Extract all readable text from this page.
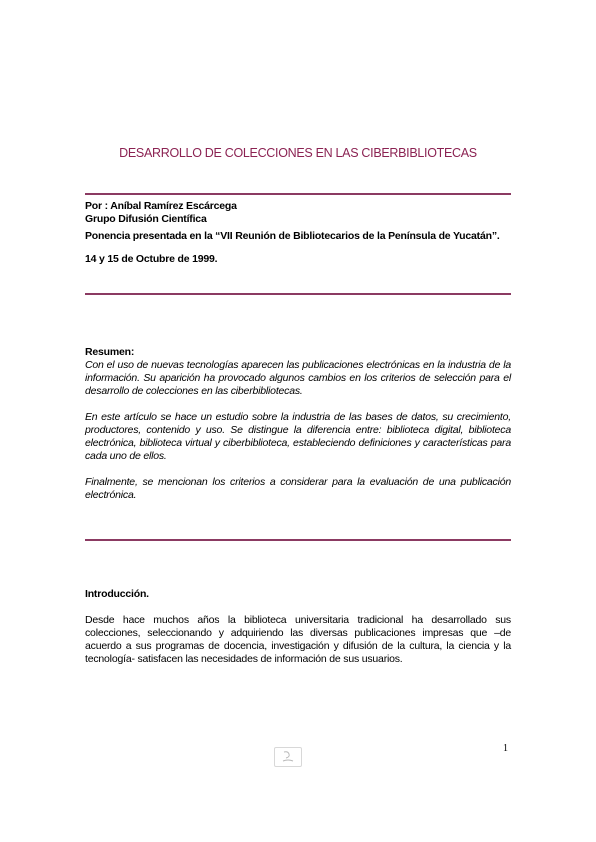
DESARROLLO DE COLECCIONES EN LAS CIBERBIBLIOTECAS

Por : Aníbal Ramírez Escárcega

Grupo Difusión Científica

Ponencia presentada en la “VII Reunión de Bibliotecarios de la Península de Yucatán”.

14 y 15 de Octubre de 1999.

Resumen:

Con el uso de nuevas tecnologías aparecen las publicaciones electrónicas en la industria de la información. Su aparición ha provocado algunos cambios en los criterios de selección para el desarrollo de colecciones en las ciberbibliotecas.

En este artículo se hace un estudio sobre la industria de las bases de datos, su crecimiento, productores, contenido y uso. Se distingue la diferencia entre: biblioteca digital, biblioteca electrónica, biblioteca virtual y ciberbiblioteca, estableciendo definiciones y características para cada uno de ellos.

Finalmente, se mencionan los criterios a considerar para la evaluación de una publicación electrónica.

Introducción.

Desde hace muchos años la biblioteca universitaria tradicional ha desarrollado sus colecciones, seleccionando y adquiriendo las diversas publicaciones impresas que –de acuerdo a sus programas de docencia, investigación y difusión de la cultura, la ciencia y la tecnología- satisfacen las necesidades de información de sus usuarios.

1
